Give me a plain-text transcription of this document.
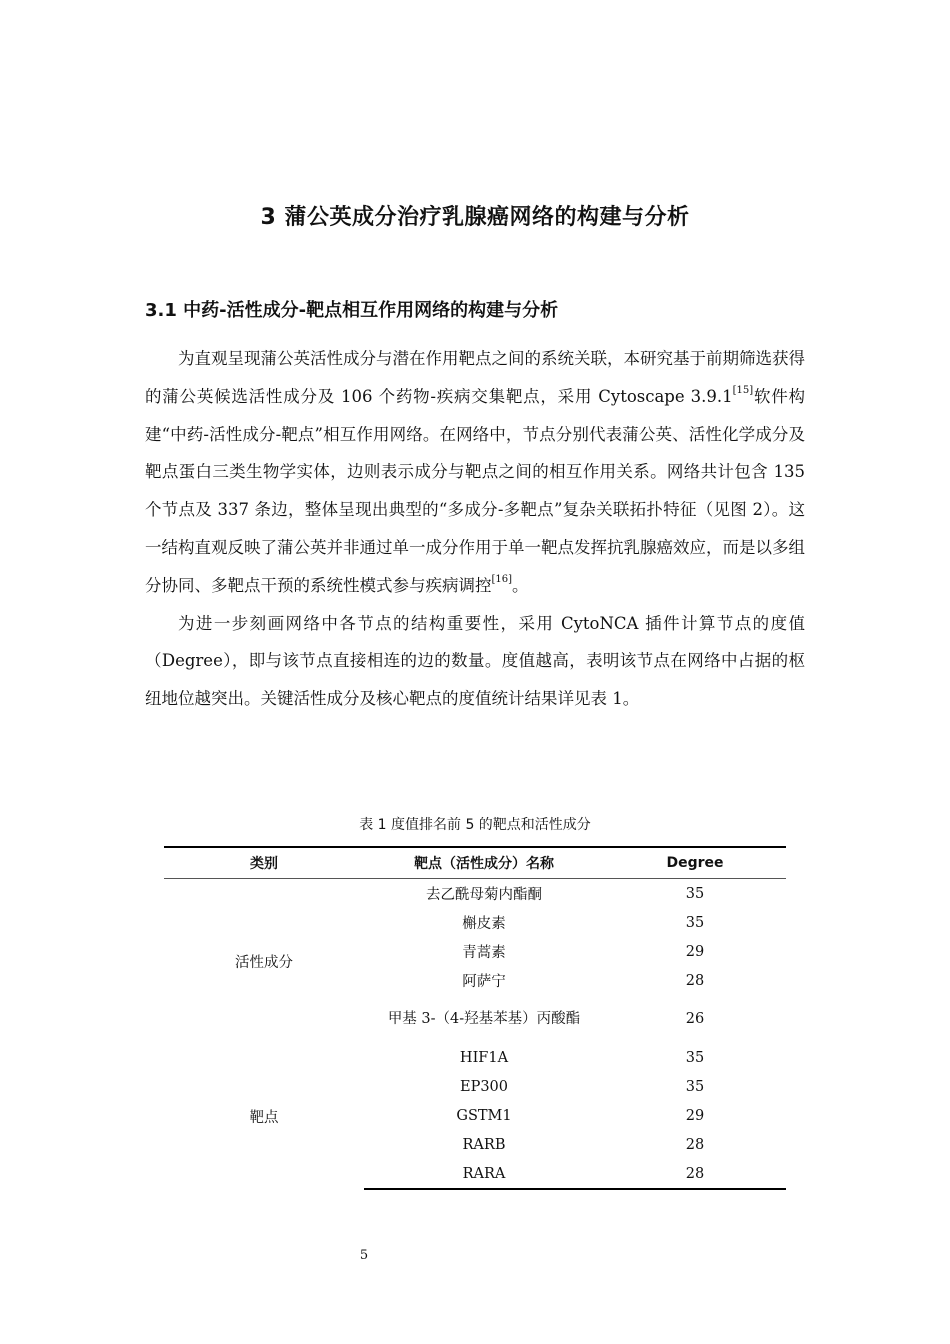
3 蒲公英成分治疗乳腺癌网络的构建与分析
3.1 中药-活性成分-靶点相互作用网络的构建与分析

为直观呈现蒲公英活性成分与潜在作用靶点之间的系统关联，本研究基于前期筛选获得的蒲公英候选活性成分及 106 个药物-疾病交集靶点，采用 Cytoscape 3.9.1[15]软件构建“中药-活性成分-靶点”相互作用网络。在网络中，节点分别代表蒲公英、活性化学成分及靶点蛋白三类生物学实体，边则表示成分与靶点之间的相互作用关系。网络共计包含 135 个节点及 337 条边，整体呈现出典型的“多成分-多靶点”复杂关联拓扑特征（见图 2）。这一结构直观反映了蒲公英并非通过单一成分作用于单一靶点发挥抗乳腺癌效应，而是以多组分协同、多靶点干预的系统性模式参与疾病调控[16]。

为进一步刻画网络中各节点的结构重要性，采用 CytoNCA 插件计算节点的度值（Degree），即与该节点直接相连的边的数量。度值越高，表明该节点在网络中占据的枢纽地位越突出。关键活性成分及核心靶点的度值统计结果详见表 1。

表 1 度值排名前 5 的靶点和活性成分
类别	靶点（活性成分）名称	Degree
活性成分	去乙酰母菊内酯酮	35
	槲皮素	35
	青蒿素	29
	阿萨宁	28
	甲基 3-（4-羟基苯基）丙酸酯	26
靶点	HIF1A	35
	EP300	35
	GSTM1	29
	RARB	28
	RARA	28
5
